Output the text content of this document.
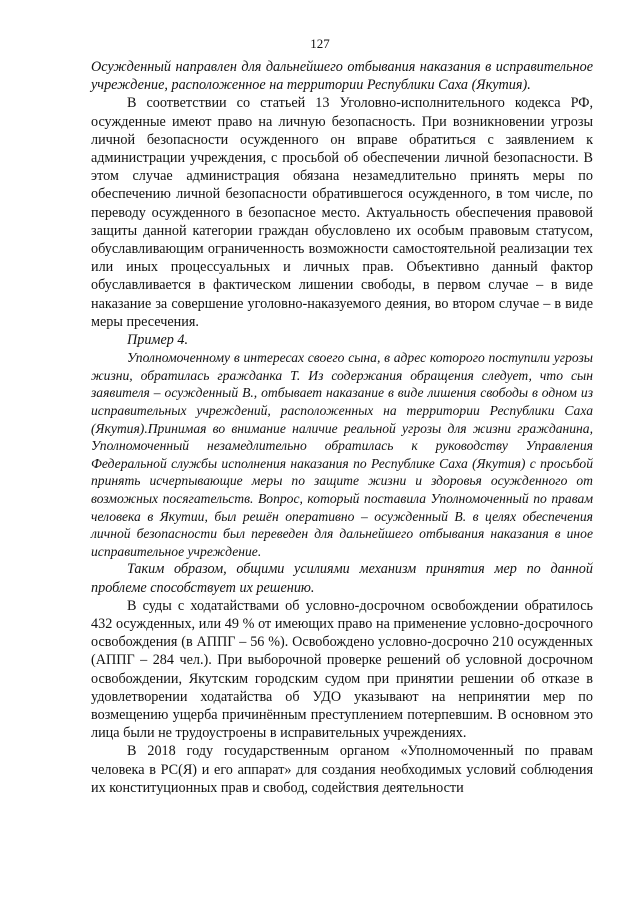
127

Осужденный направлен для дальнейшего отбывания наказания в исправительное учреждение, расположенное на территории Республики Саха (Якутия).

В соответствии со статьей 13 Уголовно-исполнительного кодекса РФ, осужденные имеют право на личную безопасность. При возникновении угрозы личной безопасности осужденного он вправе обратиться с заявлением к администрации учреждения, с просьбой об обеспечении личной безопасности. В этом случае администрация обязана незамедлительно принять меры по обеспечению личной безопасности обратившегося осужденного, в том числе, по переводу осужденного в безопасное место. Актуальность обеспечения правовой защиты данной категории граждан обусловлено их особым правовым статусом, обуславливающим ограниченность возможности самостоятельной реализации тех или иных процессуальных и личных прав. Объективно данный фактор обуславливается в фактическом лишении свободы, в первом случае – в виде наказание за совершение уголовно-наказуемого деяния, во втором случае – в виде меры пресечения.

Пример 4.

Уполномоченному в интересах своего сына, в адрес которого поступили угрозы жизни, обратилась гражданка Т. Из содержания обращения следует, что сын заявителя – осужденный В., отбывает наказание в виде лишения свободы в одном из исправительных учреждений, расположенных на территории Республики Саха (Якутия).Принимая во внимание наличие реальной угрозы для жизни гражданина, Уполномоченный незамедлительно обратилась к руководству Управления Федеральной службы исполнения наказания по Республике Саха (Якутия) с просьбой принять исчерпывающие меры по защите жизни и здоровья осужденного от возможных посягательств. Вопрос, который поставила Уполномоченный по правам человека в Якутии, был решён оперативно – осужденный В. в целях обеспечения личной безопасности был переведен для дальнейшего отбывания наказания в иное исправительное учреждение.

Таким образом, общими усилиями механизм принятия мер по данной проблеме способствует их решению.

В суды с ходатайствами об условно-досрочном освобождении обратилось 432 осужденных, или 49 % от имеющих право на применение условно-досрочного освобождения (в АППГ – 56 %). Освобождено условно-досрочно 210 осужденных (АППГ – 284 чел.). При выборочной проверке решений об условной досрочном освобождении, Якутским городским судом при принятии решении об отказе в удовлетворении ходатайства об УДО указывают на непринятии мер по возмещению ущерба причинённым преступлением потерпевшим. В основном это лица были не трудоустроены в исправительных учреждениях.

В 2018 году государственным органом «Уполномоченный по правам человека в РС(Я) и его аппарат» для создания необходимых условий соблюдения их конституционных прав и свобод, содействия деятельности
